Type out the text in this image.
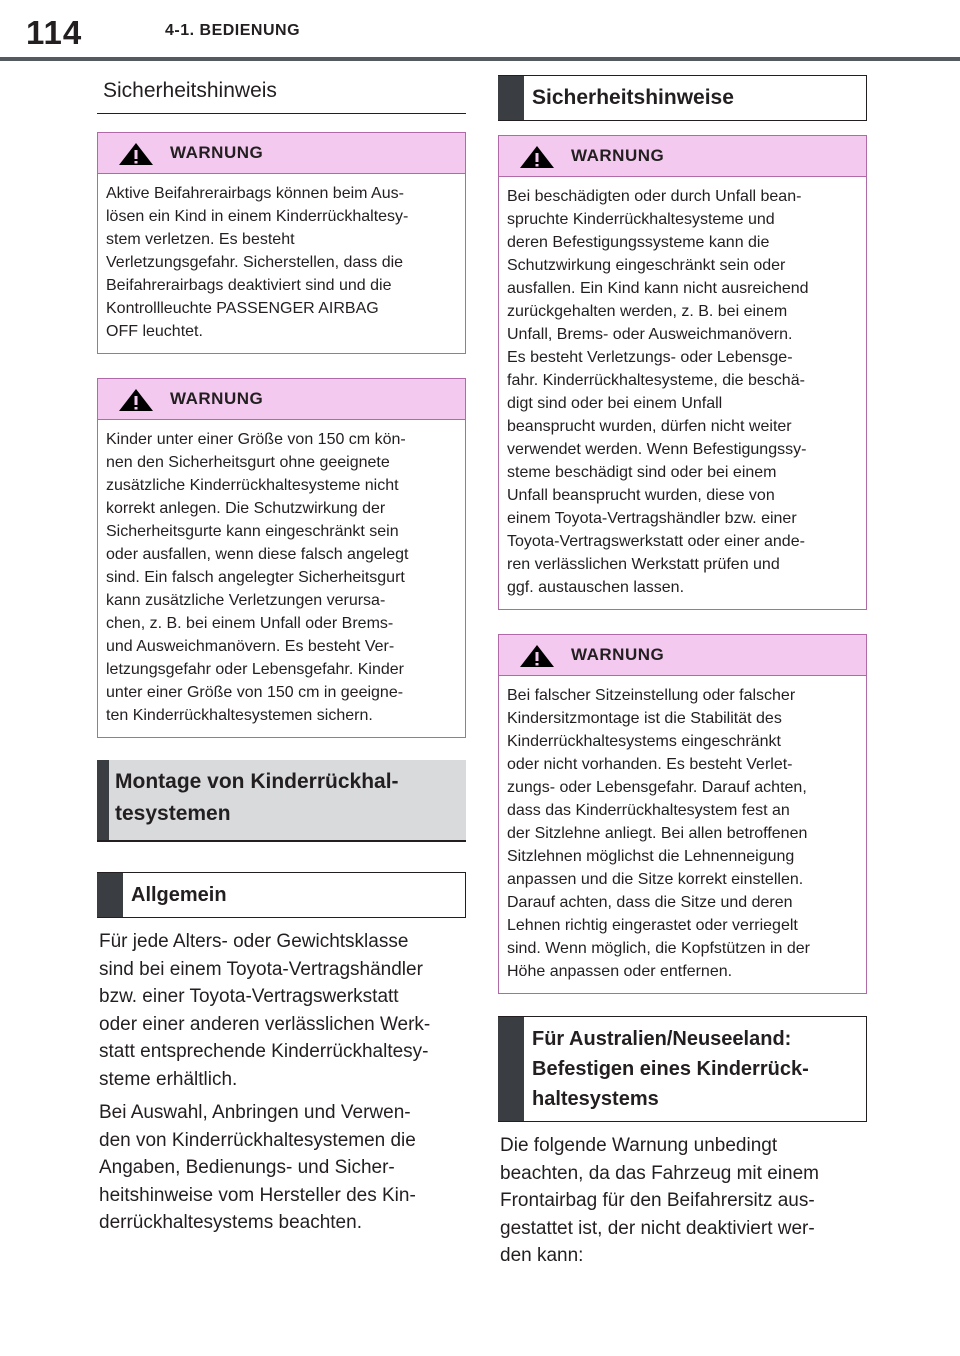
114	4-1. BEDIENUNG
Sicherheitshinweis
WARNUNG
Aktive Beifahrerairbags können beim Aus-
lösen ein Kind in einem Kinderrückhaltesy-
stem verletzen. Es besteht
Verletzungsgefahr. Sicherstellen, dass die
Beifahrerairbags deaktiviert sind und die
Kontrollleuchte PASSENGER AIRBAG
OFF leuchtet.
WARNUNG
Kinder unter einer Größe von 150 cm kön-
nen den Sicherheitsgurt ohne geeignete
zusätzliche Kinderrückhaltesysteme nicht
korrekt anlegen. Die Schutzwirkung der
Sicherheitsgurte kann eingeschränkt sein
oder ausfallen, wenn diese falsch angelegt
sind. Ein falsch angelegter Sicherheitsgurt
kann zusätzliche Verletzungen verursa-
chen, z. B. bei einem Unfall oder Brems-
und Ausweichmanövern. Es besteht Ver-
letzungsgefahr oder Lebensgefahr. Kinder
unter einer Größe von 150 cm in geeigne-
ten Kinderrückhaltesystemen sichern.
Montage von Kinderrückhal-
tesystemen
Allgemein
Für jede Alters- oder Gewichtsklasse
sind bei einem Toyota-Vertragshändler
bzw. einer Toyota-Vertragswerkstatt
oder einer anderen verlässlichen Werk-
statt entsprechende Kinderrückhaltesy-
steme erhältlich.
Bei Auswahl, Anbringen und Verwen-
den von Kinderrückhaltesystemen die
Angaben, Bedienungs- und Sicher-
heitshinweise vom Hersteller des Kin-
derrückhaltesystems beachten.
Sicherheitshinweise
WARNUNG
Bei beschädigten oder durch Unfall bean-
spruchte Kinderrückhaltesysteme und
deren Befestigungssysteme kann die
Schutzwirkung eingeschränkt sein oder
ausfallen. Ein Kind kann nicht ausreichend
zurückgehalten werden, z. B. bei einem
Unfall, Brems- oder Ausweichmanövern.
Es besteht Verletzungs- oder Lebensge-
fahr. Kinderrückhaltesysteme, die beschä-
digt sind oder bei einem Unfall
beansprucht wurden, dürfen nicht weiter
verwendet werden. Wenn Befestigungssy-
steme beschädigt sind oder bei einem
Unfall beansprucht wurden, diese von
einem Toyota-Vertragshändler bzw. einer
Toyota-Vertragswerkstatt oder einer ande-
ren verlässlichen Werkstatt prüfen und
ggf. austauschen lassen.
WARNUNG
Bei falscher Sitzeinstellung oder falscher
Kindersitzmontage ist die Stabilität des
Kinderrückhaltesystems eingeschränkt
oder nicht vorhanden. Es besteht Verlet-
zungs- oder Lebensgefahr. Darauf achten,
dass das Kinderrückhaltesystem fest an
der Sitzlehne anliegt. Bei allen betroffenen
Sitzlehnen möglichst die Lehnenneigung
anpassen und die Sitze korrekt einstellen.
Darauf achten, dass die Sitze und deren
Lehnen richtig eingerastet oder verriegelt
sind. Wenn möglich, die Kopfstützen in der
Höhe anpassen oder entfernen.
Für Australien/Neuseeland:
Befestigen eines Kinderrück-
haltesystems
Die folgende Warnung unbedingt
beachten, da das Fahrzeug mit einem
Frontairbag für den Beifahrersitz aus-
gestattet ist, der nicht deaktiviert wer-
den kann:
